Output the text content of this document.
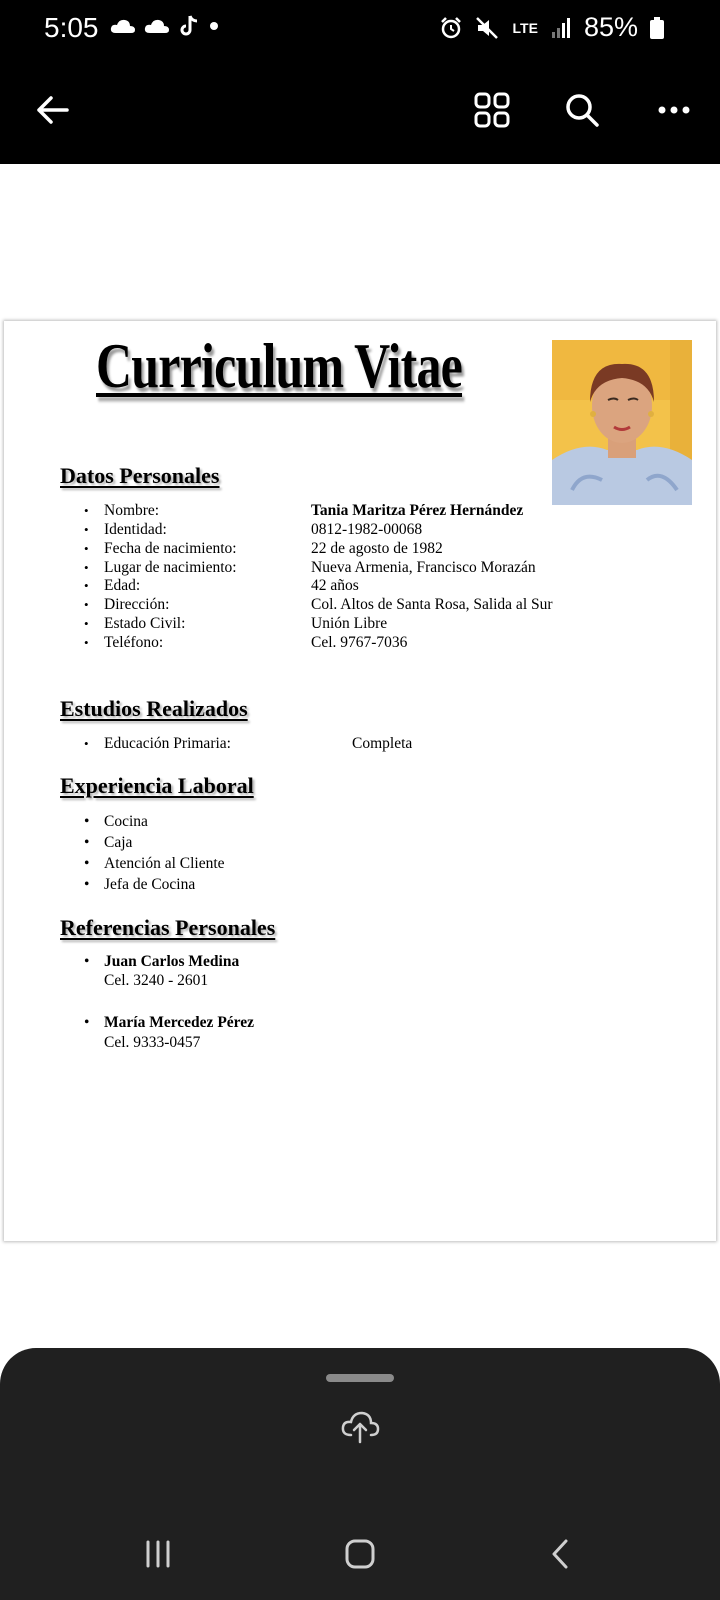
5:05	LTE 85%
Curriculum Vitae
Datos Personales
• Nombre:	Tania Maritza Pérez Hernández
• Identidad:	0812-1982-00068
• Fecha de nacimiento:	22 de agosto de 1982
• Lugar de nacimiento:	Nueva Armenia, Francisco Morazán
• Edad:	42 años
• Dirección:	Col. Altos de Santa Rosa, Salida al Sur
• Estado Civil:	Unión Libre
• Teléfono:	Cel. 9767-7036
Estudios Realizados
• Educación Primaria:	Completa
Experiencia Laboral
• Cocina
• Caja
• Atención al Cliente
• Jefa de Cocina
Referencias Personales
• Juan Carlos Medina
Cel. 3240 - 2601
• María Mercedez Pérez
Cel. 9333-0457
